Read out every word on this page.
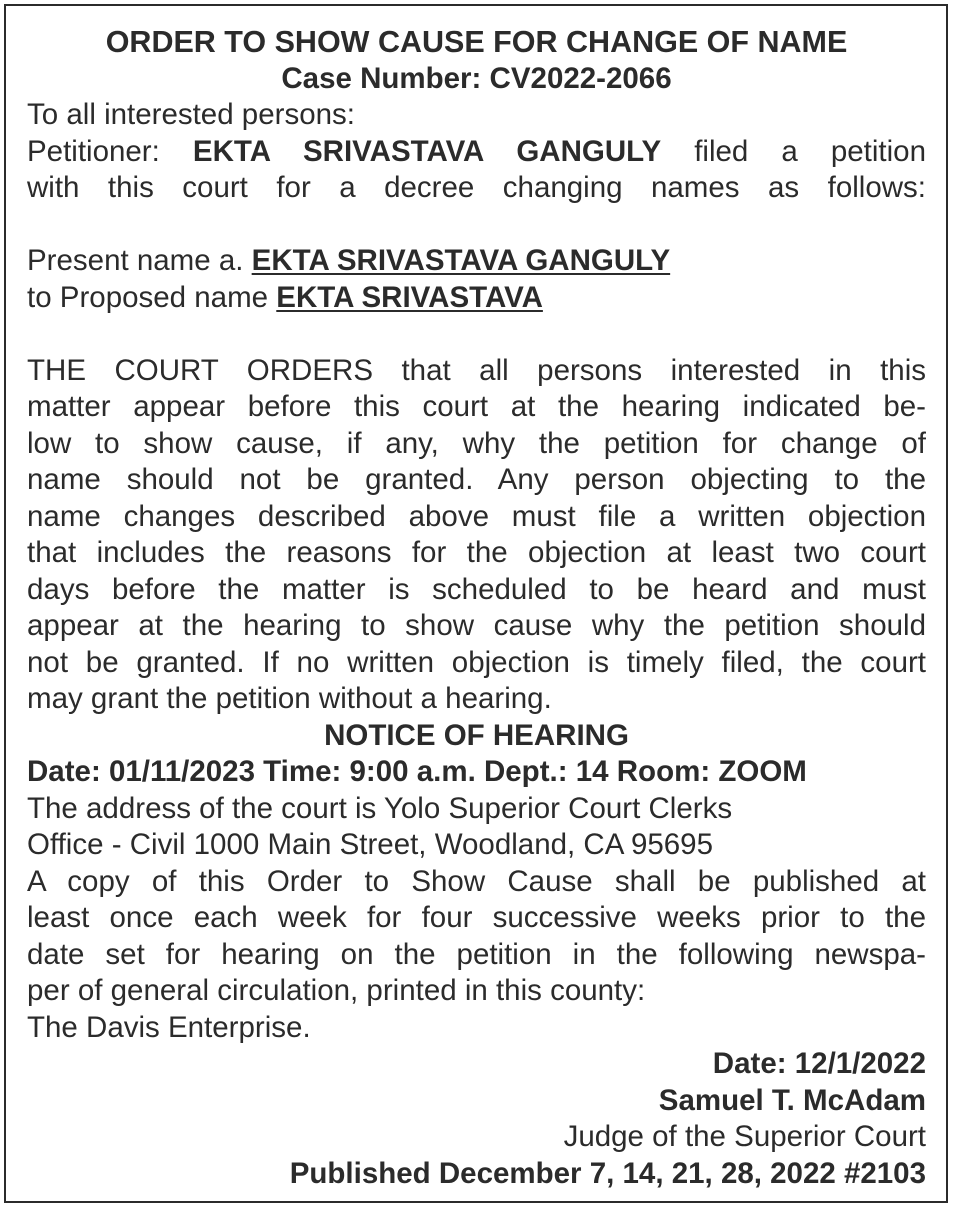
ORDER TO SHOW CAUSE FOR CHANGE OF NAME
Case Number: CV2022-2066
To all interested persons:
Petitioner: EKTA SRIVASTAVA GANGULY filed a petition
with this court for a decree changing names as follows:
Present name a. EKTA SRIVASTAVA GANGULY
to Proposed name EKTA SRIVASTAVA
THE COURT ORDERS that all persons interested in this
matter appear before this court at the hearing indicated be-
low to show cause, if any, why the petition for change of
name should not be granted. Any person objecting to the
name changes described above must file a written objection
that includes the reasons for the objection at least two court
days before the matter is scheduled to be heard and must
appear at the hearing to show cause why the petition should
not be granted. If no written objection is timely filed, the court
may grant the petition without a hearing.
NOTICE OF HEARING
Date: 01/11/2023 Time: 9:00 a.m. Dept.: 14 Room: ZOOM
The address of the court is Yolo Superior Court Clerks
Office - Civil 1000 Main Street, Woodland, CA 95695
A copy of this Order to Show Cause shall be published at
least once each week for four successive weeks prior to the
date set for hearing on the petition in the following newspa-
per of general circulation, printed in this county:
The Davis Enterprise.
Date: 12/1/2022
Samuel T. McAdam
Judge of the Superior Court
Published December 7, 14, 21, 28, 2022 #2103
